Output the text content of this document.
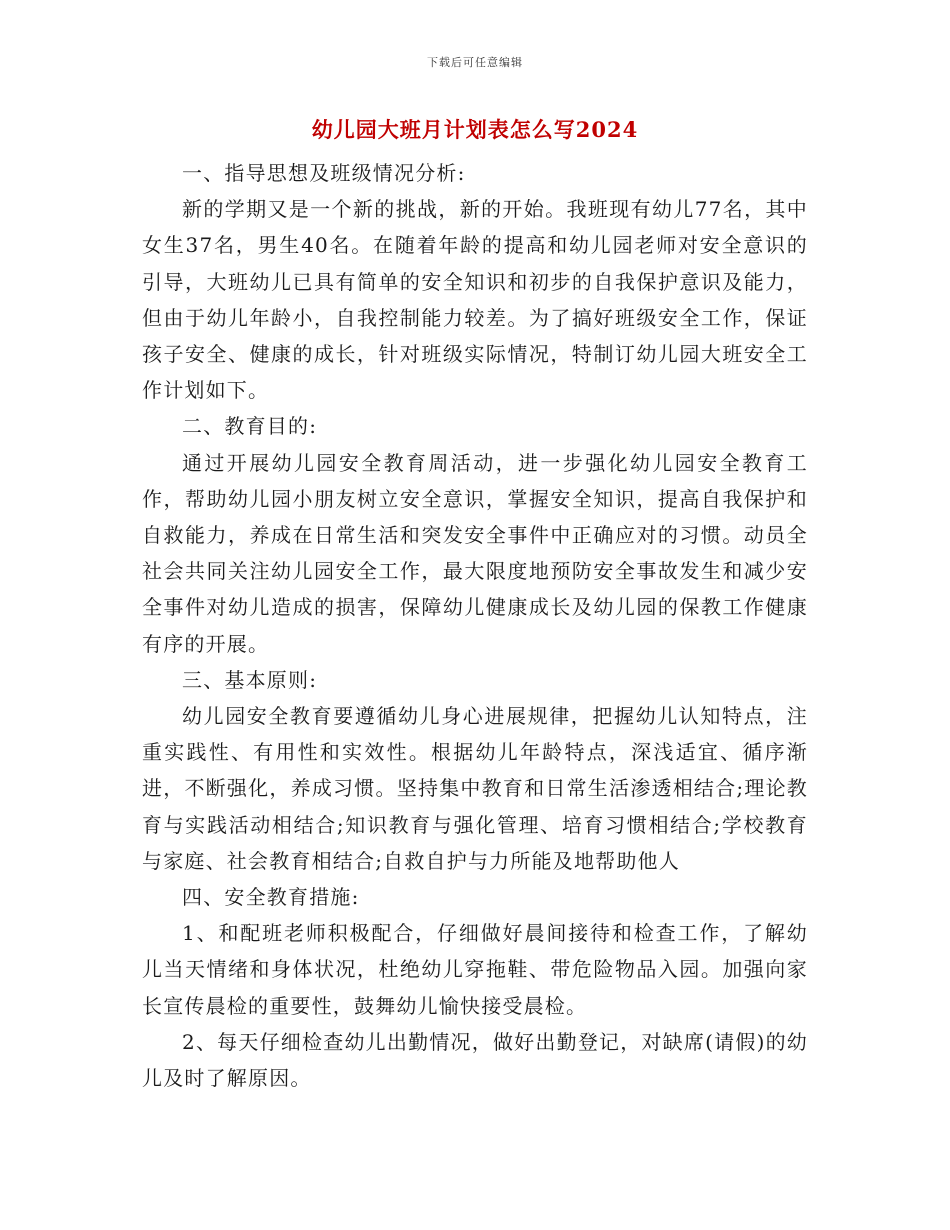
下载后可任意编辑
幼儿园大班月计划表怎么写2024

一、指导思想及班级情况分析:

新的学期又是一个新的挑战，新的开始。我班现有幼儿77名，其中女生37名，男生40名。在随着年龄的提高和幼儿园老师对安全意识的引导，大班幼儿已具有简单的安全知识和初步的自我保护意识及能力，但由于幼儿年龄小，自我控制能力较差。为了搞好班级安全工作，保证孩子安全、健康的成长，针对班级实际情况，特制订幼儿园大班安全工作计划如下。

二、教育目的:

通过开展幼儿园安全教育周活动，进一步强化幼儿园安全教育工作，帮助幼儿园小朋友树立安全意识，掌握安全知识，提高自我保护和自救能力，养成在日常生活和突发安全事件中正确应对的习惯。动员全社会共同关注幼儿园安全工作，最大限度地预防安全事故发生和减少安全事件对幼儿造成的损害，保障幼儿健康成长及幼儿园的保教工作健康有序的开展。

三、基本原则:

幼儿园安全教育要遵循幼儿身心进展规律，把握幼儿认知特点，注重实践性、有用性和实效性。根据幼儿年龄特点，深浅适宜、循序渐进，不断强化，养成习惯。坚持集中教育和日常生活渗透相结合;理论教育与实践活动相结合;知识教育与强化管理、培育习惯相结合;学校教育与家庭、社会教育相结合;自救自护与力所能及地帮助他人

四、安全教育措施:

1、和配班老师积极配合，仔细做好晨间接待和检查工作，了解幼儿当天情绪和身体状况，杜绝幼儿穿拖鞋、带危险物品入园。加强向家长宣传晨检的重要性，鼓舞幼儿愉快接受晨检。

2、每天仔细检查幼儿出勤情况，做好出勤登记，对缺席(请假)的幼儿及时了解原因。
